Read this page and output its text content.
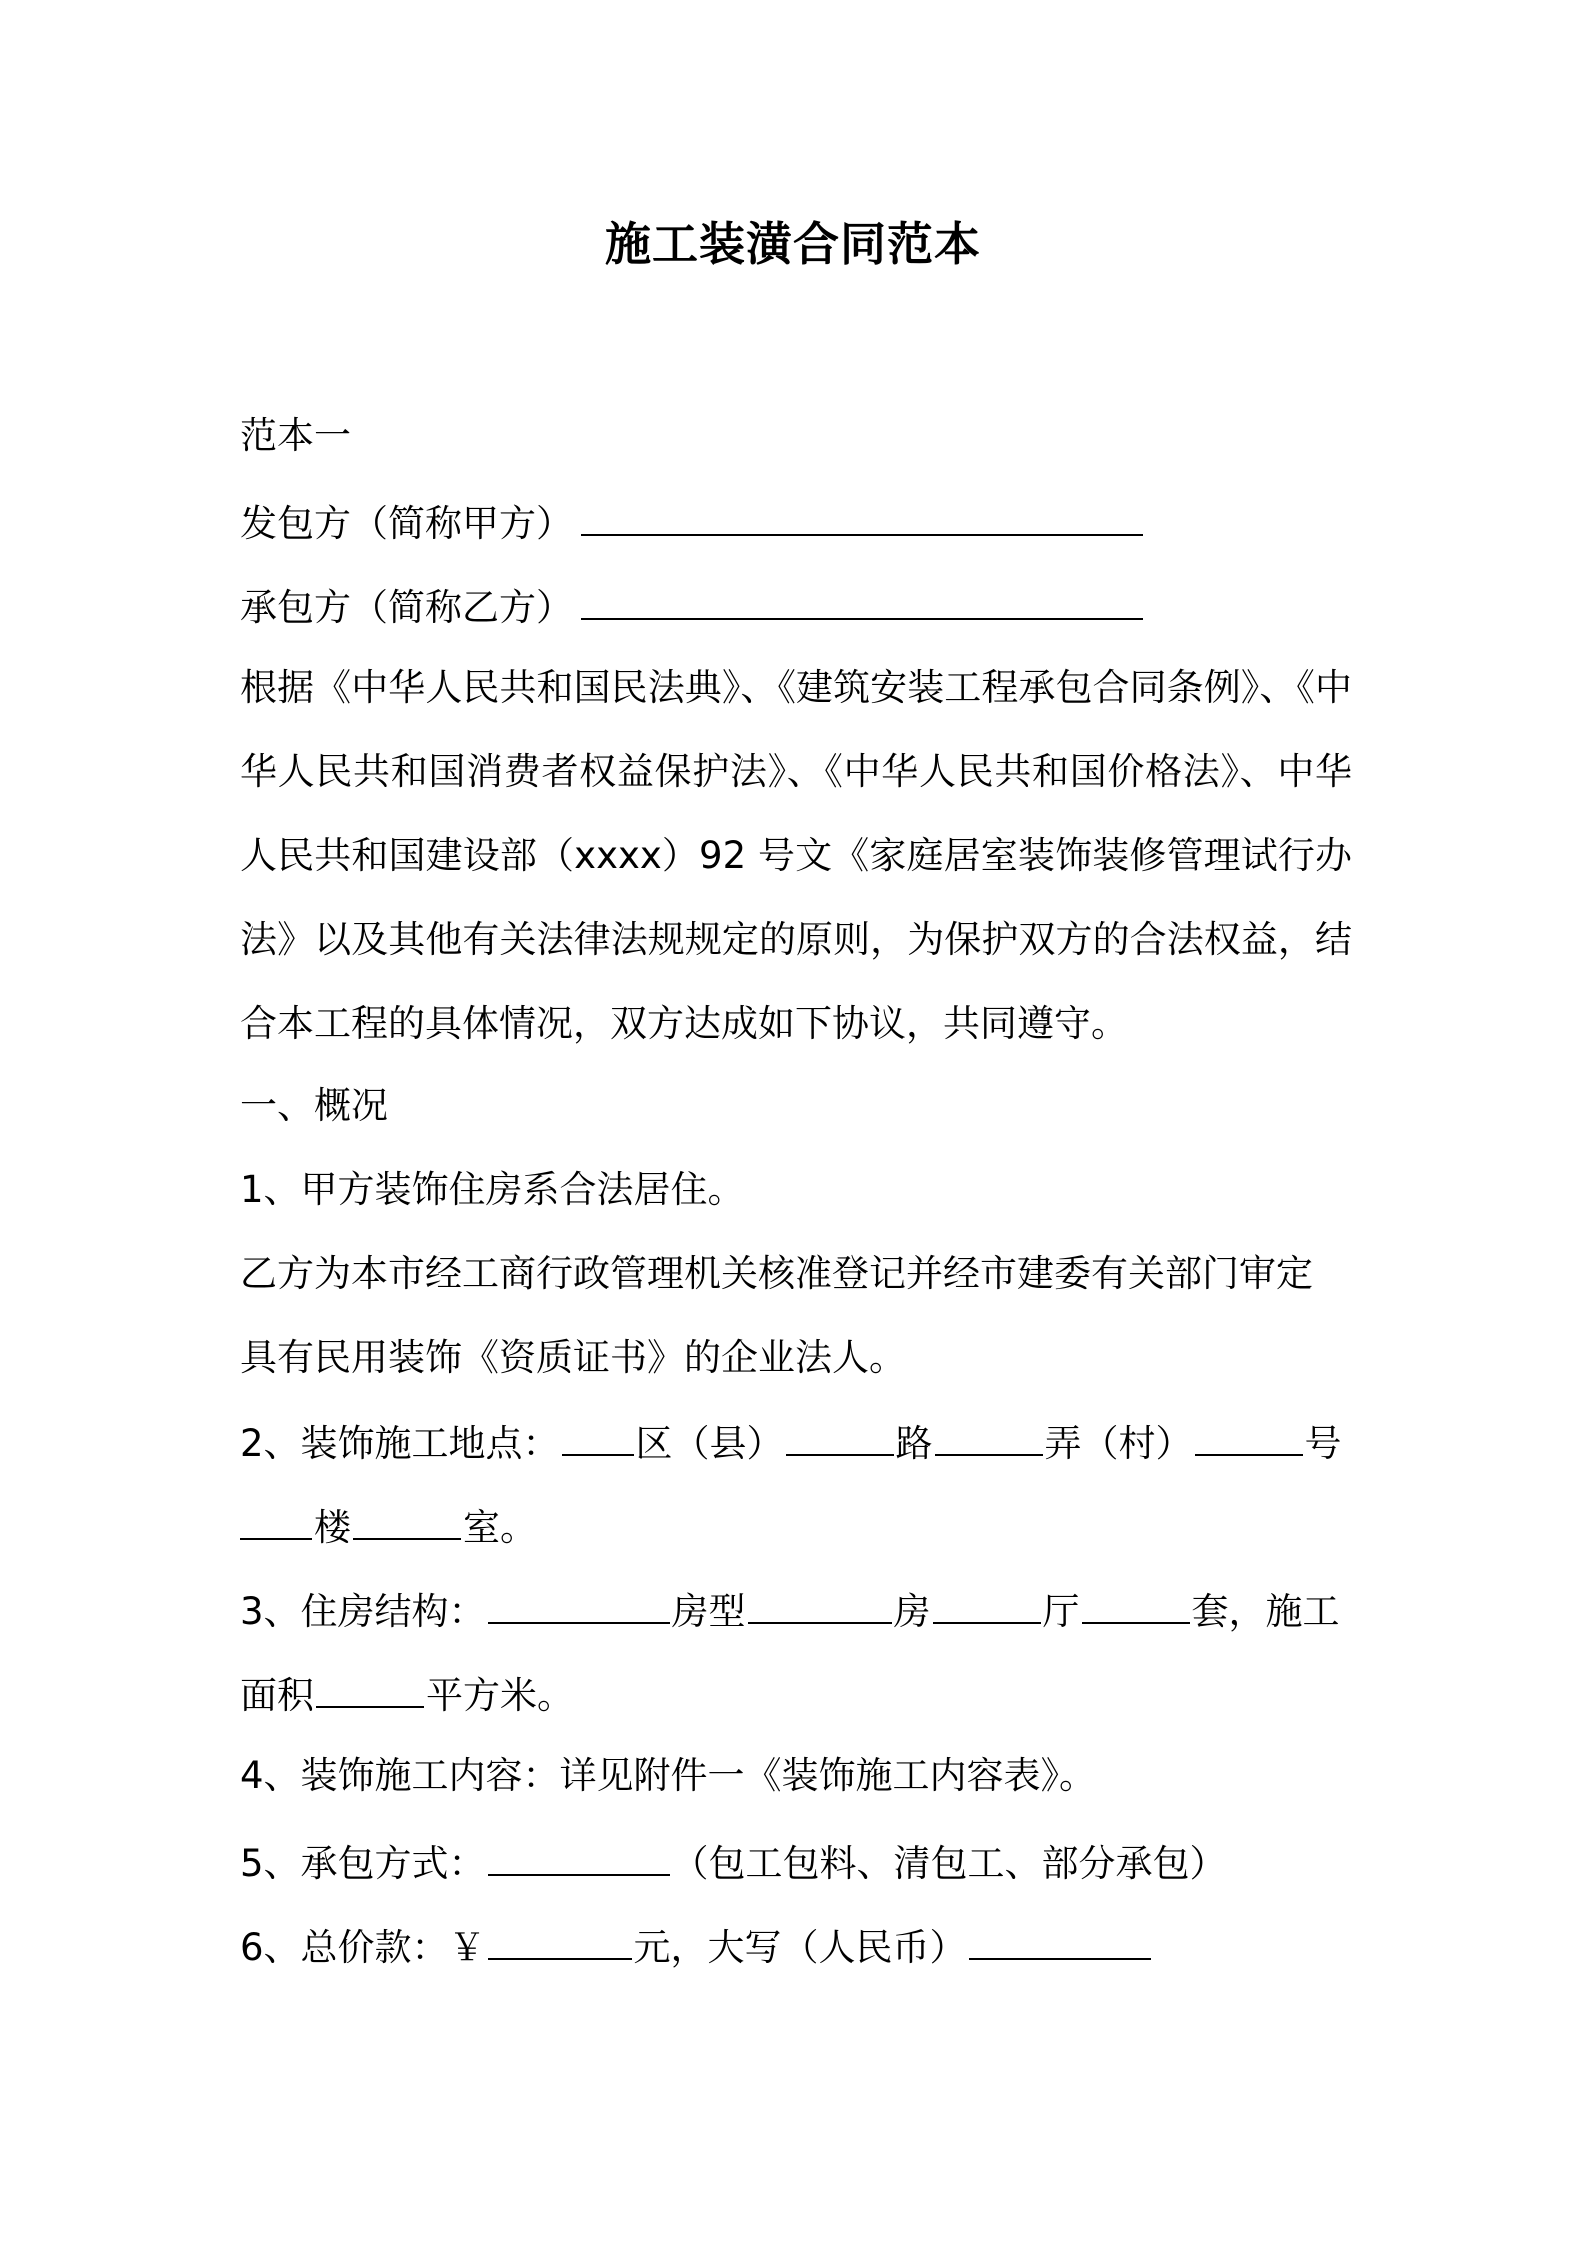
施工装潢合同范本
范本一
发包方（简称甲方）
承包方（简称乙方）
根据《中华人民共和国民法典》、《建筑安装工程承包合同条例》、《中
华人民共和国消费者权益保护法》、《中华人民共和国价格法》、中华
人民共和国建设部（xxxx）92 号文《家庭居室装饰装修管理试行办
法》以及其他有关法律法规规定的原则，为保护双方的合法权益，结
合本工程的具体情况，双方达成如下协议，共同遵守。
一、概况
1、甲方装饰住房系合法居住。
乙方为本市经工商行政管理机关核准登记并经市建委有关部门审定
具有民用装饰《资质证书》的企业法人。
2、装饰施工地点： 区（县）	路	弄（村）	号
楼	室。
3、住房结构：	房型	房	厅	套，施工
面积	平方米。
4、装饰施工内容：详见附件一《装饰施工内容表》。
5、承包方式：	（包工包料、清包工、部分承包）
6、总价款：￥	元，大写（人民币）
